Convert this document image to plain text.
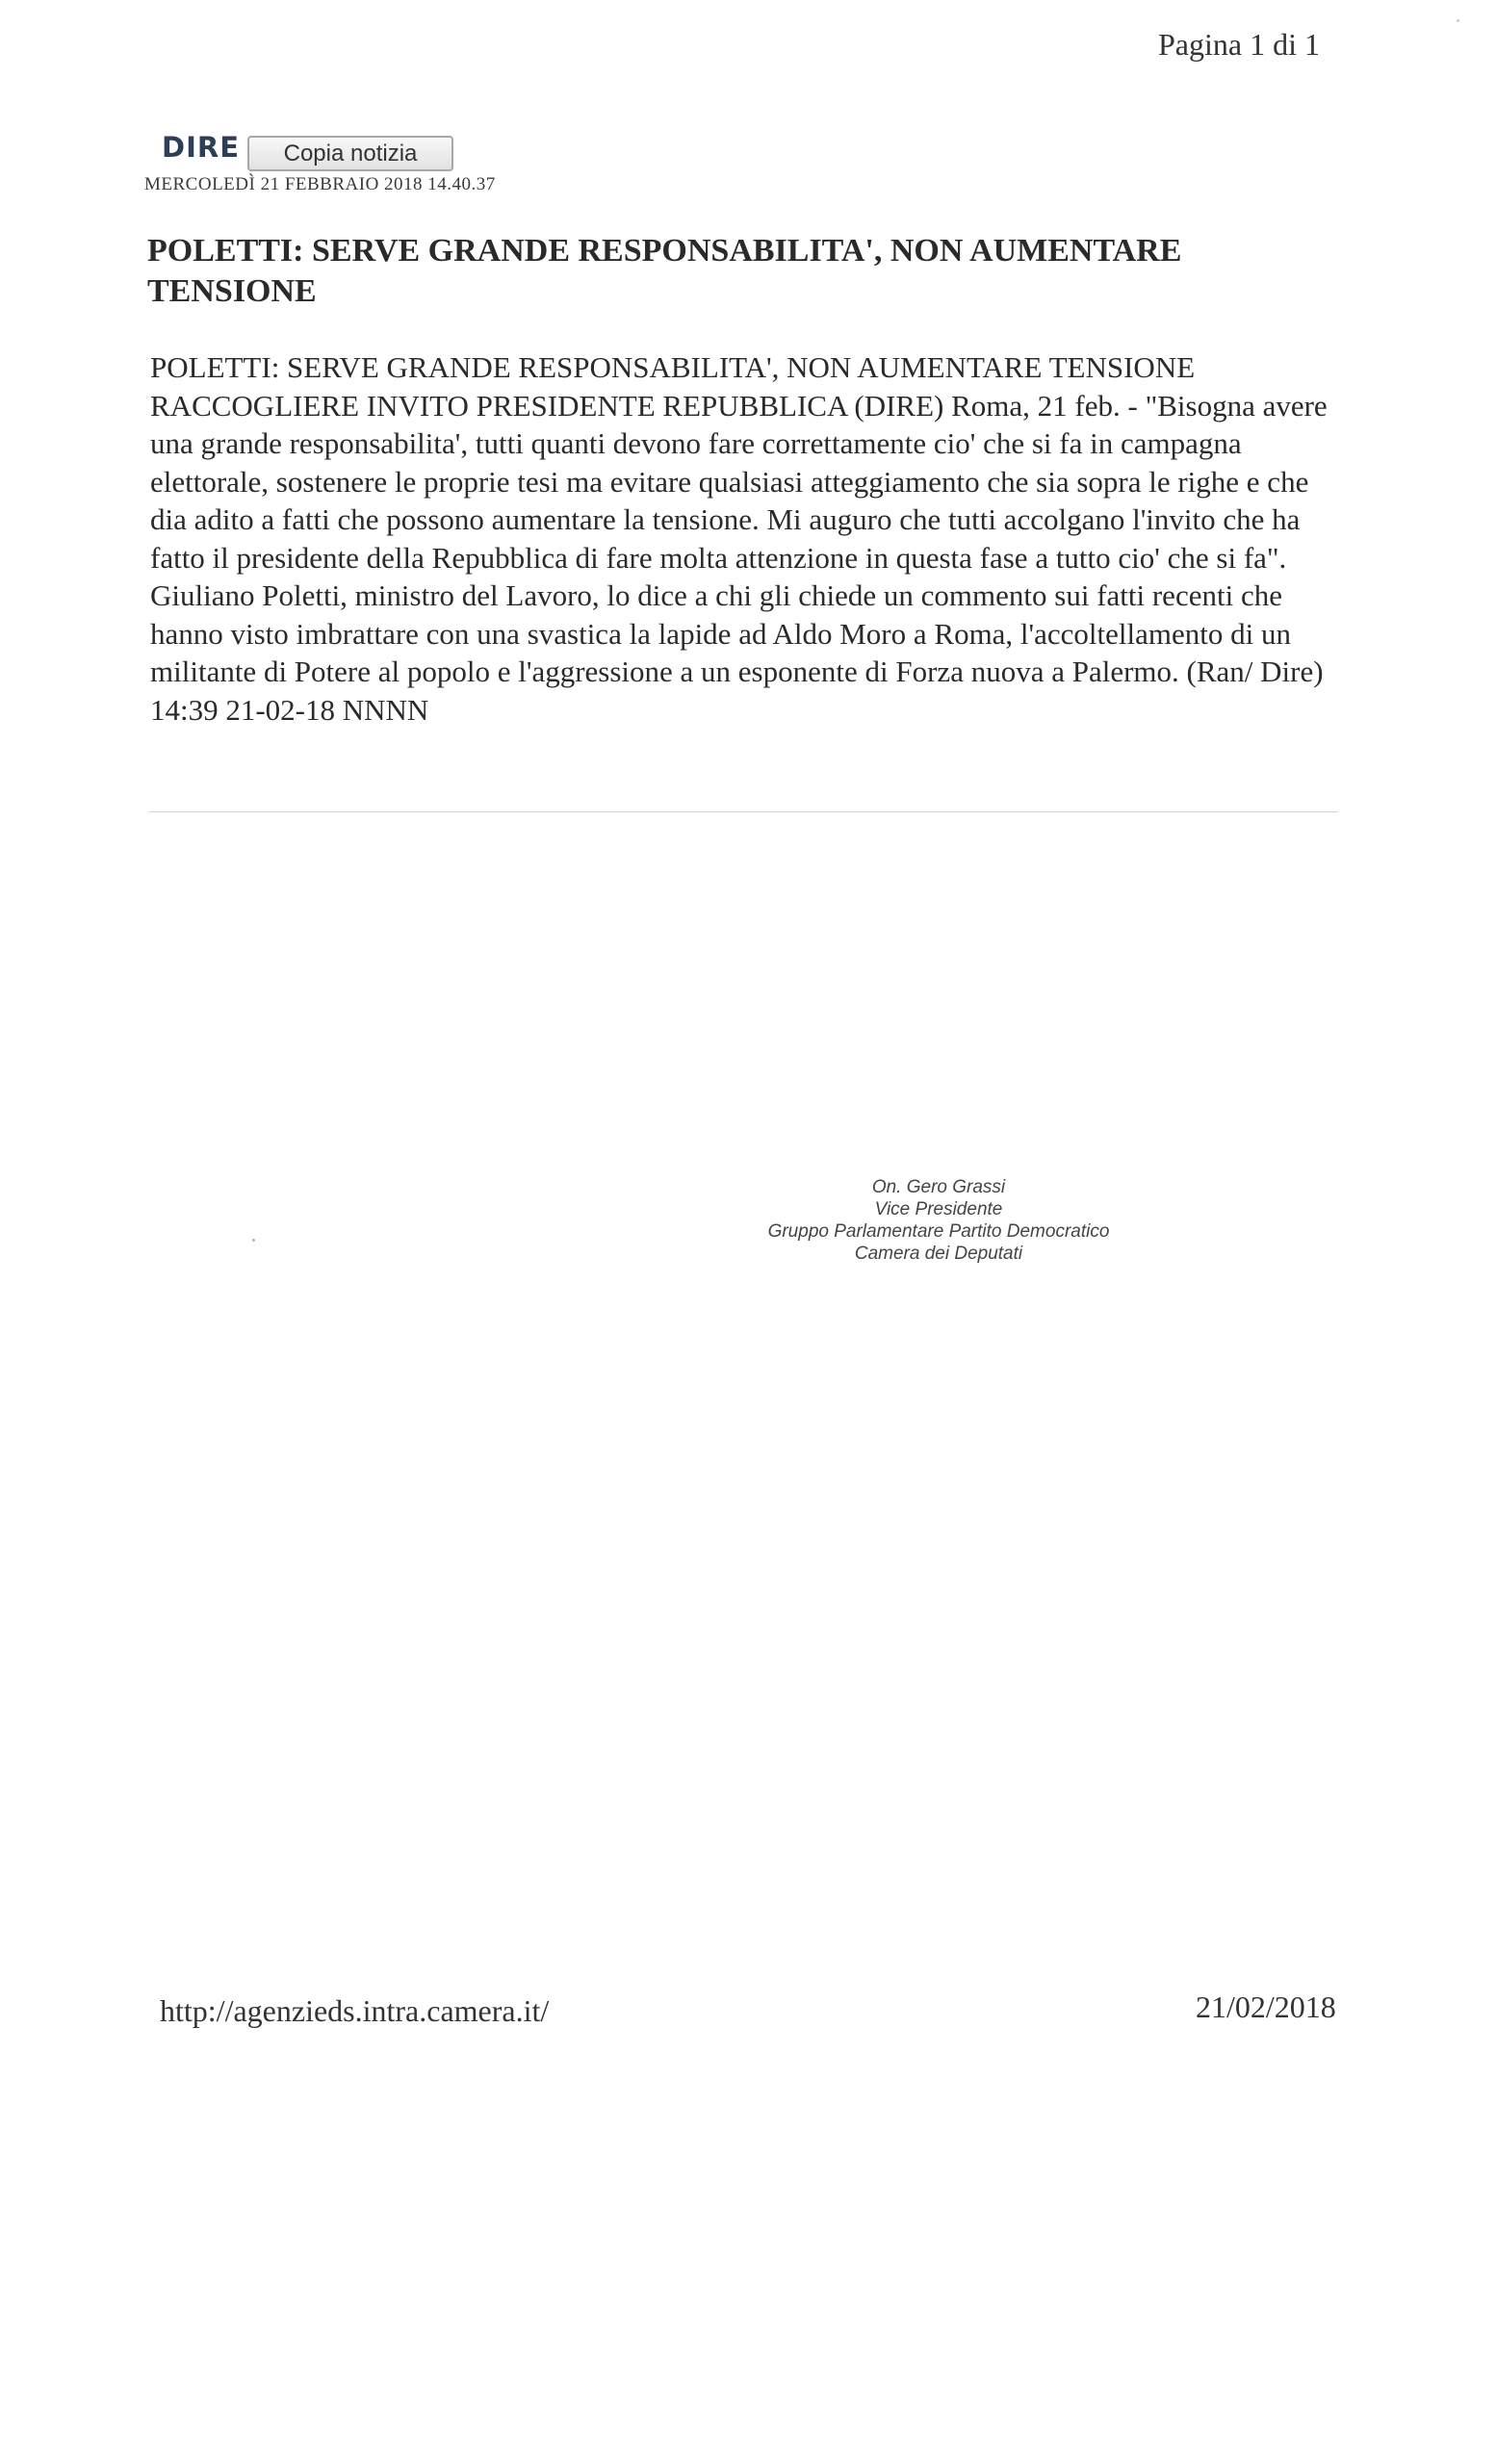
Pagina 1 di 1
DIRE	Copia notizia
MERCOLEDÌ 21 FEBBRAIO 2018 14.40.37
POLETTI: SERVE GRANDE RESPONSABILITA', NON AUMENTARE TENSIONE

POLETTI: SERVE GRANDE RESPONSABILITA', NON AUMENTARE TENSIONE RACCOGLIERE INVITO PRESIDENTE REPUBBLICA (DIRE) Roma, 21 feb. - "Bisogna avere una grande responsabilita', tutti quanti devono fare correttamente cio' che si fa in campagna elettorale, sostenere le proprie tesi ma evitare qualsiasi atteggiamento che sia sopra le righe e che dia adito a fatti che possono aumentare la tensione. Mi auguro che tutti accolgano l'invito che ha fatto il presidente della Repubblica di fare molta attenzione in questa fase a tutto cio' che si fa". Giuliano Poletti, ministro del Lavoro, lo dice a chi gli chiede un commento sui fatti recenti che hanno visto imbrattare con una svastica la lapide ad Aldo Moro a Roma, l'accoltellamento di un militante di Potere al popolo e l'aggressione a un esponente di Forza nuova a Palermo. (Ran/ Dire) 14:39 21-02-18 NNNN

On. Gero Grassi
Vice Presidente
Gruppo Parlamentare Partito Democratico
Camera dei Deputati
http://agenzieds.intra.camera.it/	21/02/2018
